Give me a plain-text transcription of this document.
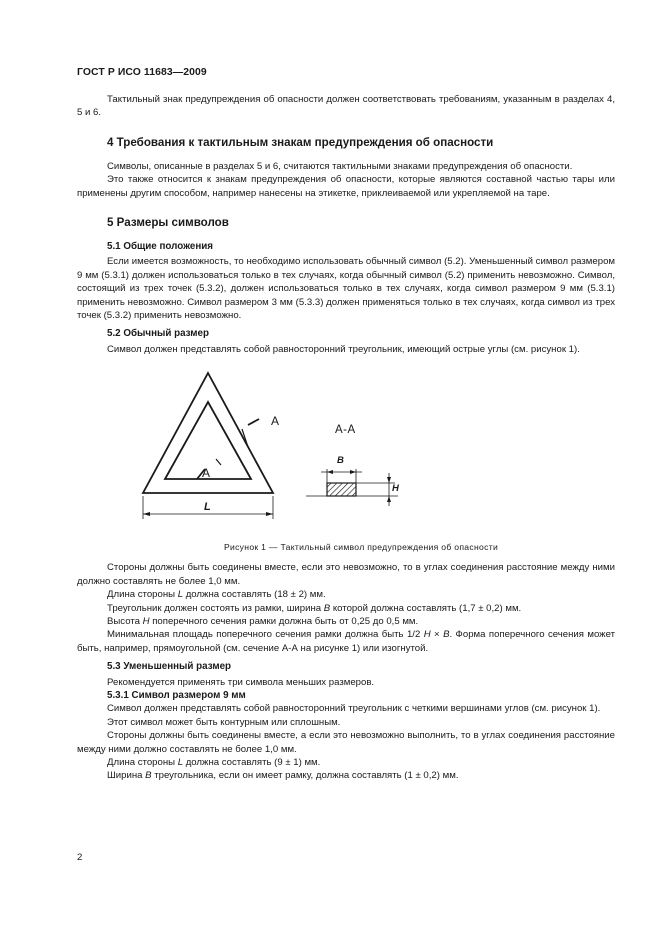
ГОСТ Р ИСО 11683—2009

Тактильный знак предупреждения об опасности должен соответствовать требованиям, указанным в разделах 4, 5 и 6.

4 Требования к тактильным знакам предупреждения об опасности

Символы, описанные в разделах 5 и 6, считаются тактильными знаками предупреждения об опасности.

Это также относится к знакам предупреждения об опасности, которые являются составной частью тары или применены другим способом, например нанесены на этикетке, приклеиваемой или укрепляемой на таре.

5 Размеры символов
5.1 Общие положения

Если имеется возможность, то необходимо использовать обычный символ (5.2). Уменьшенный символ размером 9 мм (5.3.1) должен использоваться только в тех случаях, когда обычный символ (5.2) применить невозможно. Символ, состоящий из трех точек (5.3.2), должен использоваться только в тех случаях, когда символ размером 9 мм (5.3.1) применить невозможно. Символ размером 3 мм (5.3.3) должен применяться только в тех случаях, когда символ из трех точек (5.3.2) применить невозможно.

5.2 Обычный размер

Символ должен представлять собой равносторонний треугольник, имеющий острые углы (см. рисунок 1).

A
A
L
A-A
B
H
Рисунок 1 — Тактильный символ предупреждения об опасности

Стороны должны быть соединены вместе, если это невозможно, то в углах соединения расстояние между ними должно составлять не более 1,0 мм.

Длина стороны L должна составлять (18 ± 2) мм.

Треугольник должен состоять из рамки, ширина B которой должна составлять (1,7 ± 0,2) мм.

Высота H поперечного сечения рамки должна быть от 0,25 до 0,5 мм.

Минимальная площадь поперечного сечения рамки должна быть 1/2 H × B. Форма поперечного сечения может быть, например, прямоугольной (см. сечение А-А на рисунке 1) или изогнутой.

5.3 Уменьшенный размер

Рекомендуется применять три символа меньших размеров.

5.3.1 Символ размером 9 мм

Символ должен представлять собой равносторонний треугольник с четкими вершинами углов (см. рисунок 1).

Этот символ может быть контурным или сплошным.

Стороны должны быть соединены вместе, а если это невозможно выполнить, то в углах соединения расстояние между ними должно составлять не более 1,0 мм.

Длина стороны L должна составлять (9 ± 1) мм.

Ширина B треугольника, если он имеет рамку, должна составлять (1 ± 0,2) мм.

2
